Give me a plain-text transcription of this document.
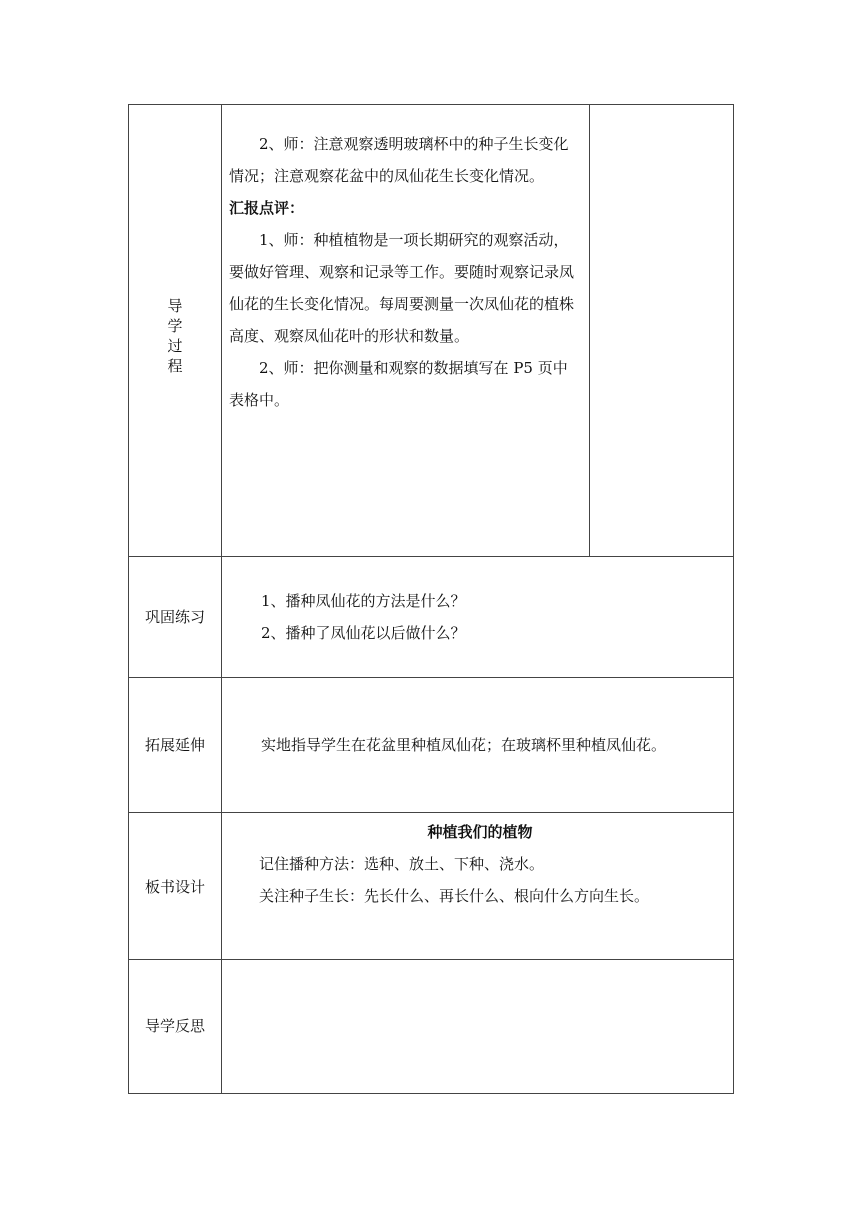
导
学
过
程

2、师：注意观察透明玻璃杯中的种子生长变化情况；注意观察花盆中的凤仙花生长变化情况。

汇报点评：

1、师：种植植物是一项长期研究的观察活动，要做好管理、观察和记录等工作。要随时观察记录凤仙花的生长变化情况。每周要测量一次凤仙花的植株高度、观察凤仙花叶的形状和数量。

2、师：把你测量和观察的数据填写在 P5 页中表格中。

巩固练习

1、播种凤仙花的方法是什么？

2、播种了凤仙花以后做什么？

拓展延伸	实地指导学生在花盆里种植凤仙花；在玻璃杯里种植凤仙花。

板书设计

种植我们的植物

记住播种方法：选种、放土、下种、浇水。

关注种子生长：先长什么、再长什么、根向什么方向生长。

导学反思
